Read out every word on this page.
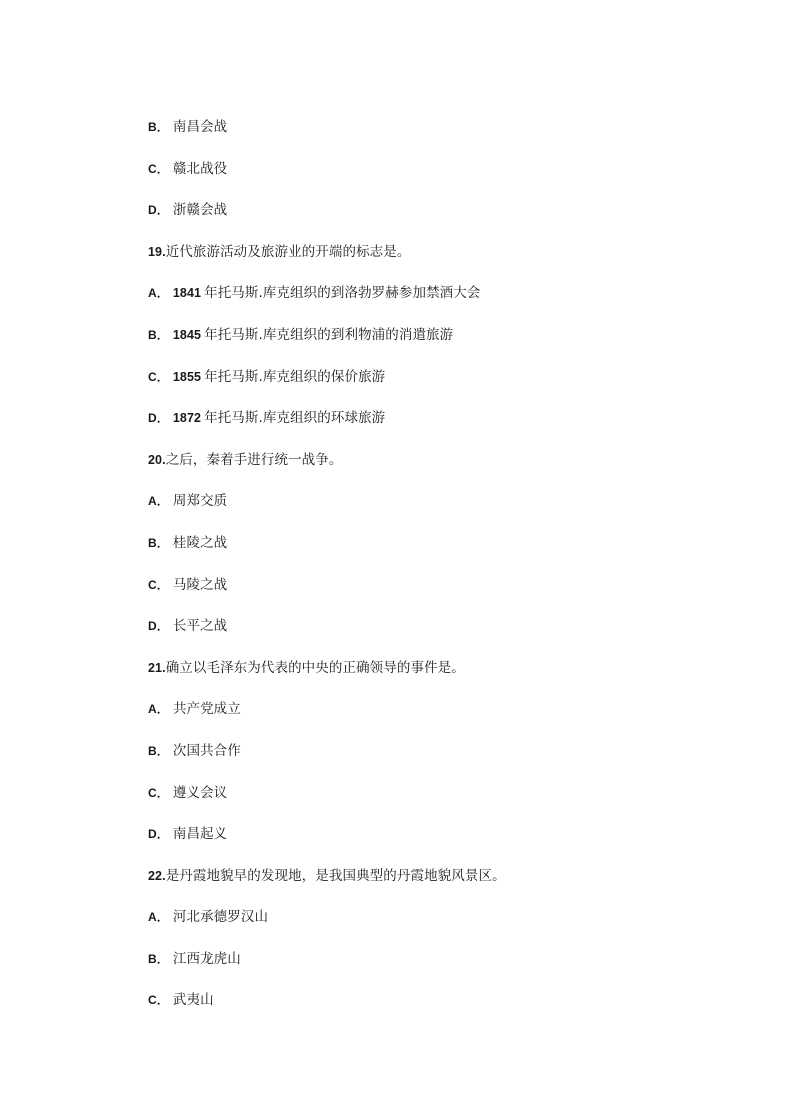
B． 南昌会战
C． 赣北战役
D． 浙赣会战
19.近代旅游活动及旅游业的开端的标志是。
A． 1841 年托马斯.库克组织的到洛勃罗赫参加禁酒大会
B． 1845 年托马斯.库克组织的到利物浦的消遣旅游
C． 1855 年托马斯.库克组织的保价旅游
D． 1872 年托马斯.库克组织的环球旅游
20.之后，秦着手进行统一战争。
A． 周郑交质
B． 桂陵之战
C． 马陵之战
D． 长平之战
21.确立以毛泽东为代表的中央的正确领导的事件是。
A． 共产党成立
B． 次国共合作
C． 遵义会议
D． 南昌起义
22.是丹霞地貌早的发现地，是我国典型的丹霞地貌风景区。
A． 河北承德罗汉山
B． 江西龙虎山
C． 武夷山
